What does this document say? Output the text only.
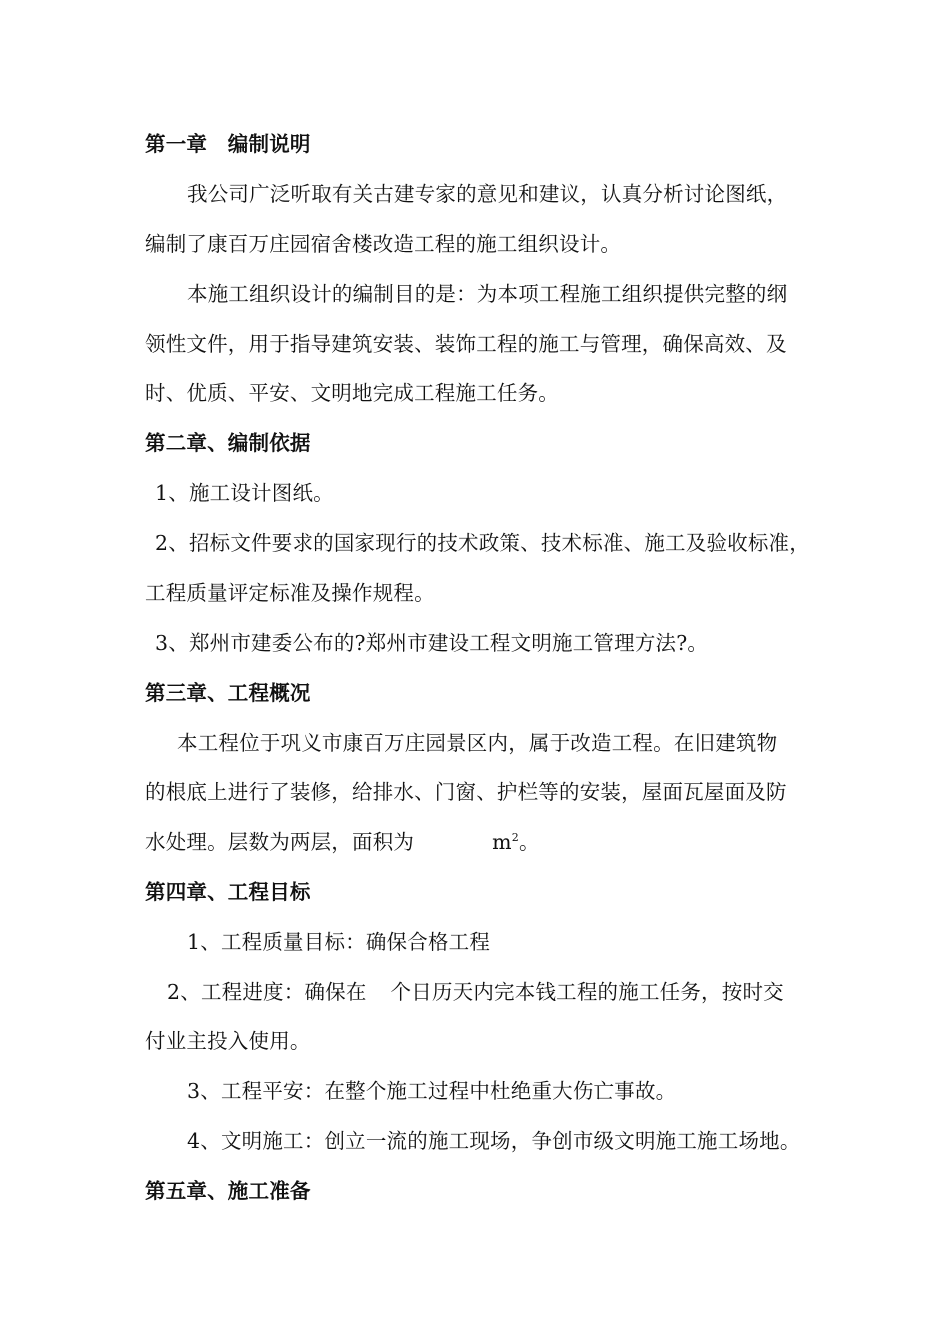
第一章　编制说明
我公司广泛听取有关古建专家的意见和建议，认真分析讨论图纸，
编制了康百万庄园宿舍楼改造工程的施工组织设计。
本施工组织设计的编制目的是：为本项工程施工组织提供完整的纲
领性文件，用于指导建筑安装、装饰工程的施工与管理，确保高效、及
时、优质、平安、文明地完成工程施工任务。
第二章、编制依据
1、施工设计图纸。
2、招标文件要求的国家现行的技术政策、技术标准、施工及验收标准，
工程质量评定标准及操作规程。
3、郑州市建委公布的?郑州市建设工程文明施工管理方法?。
第三章、工程概况
本工程位于巩义市康百万庄园景区内，属于改造工程。在旧建筑物
的根底上进行了装修，给排水、门窗、护栏等的安装，屋面瓦屋面及防
水处理。层数为两层，面积为	$m^2$。
第四章、工程目标
1、工程质量目标：确保合格工程
2、工程进度：确保在 个日历天内完本钱工程的施工任务，按时交
付业主投入使用。
3、工程平安：在整个施工过程中杜绝重大伤亡事故。
4、文明施工：创立一流的施工现场，争创市级文明施工施工场地。
第五章、施工准备
